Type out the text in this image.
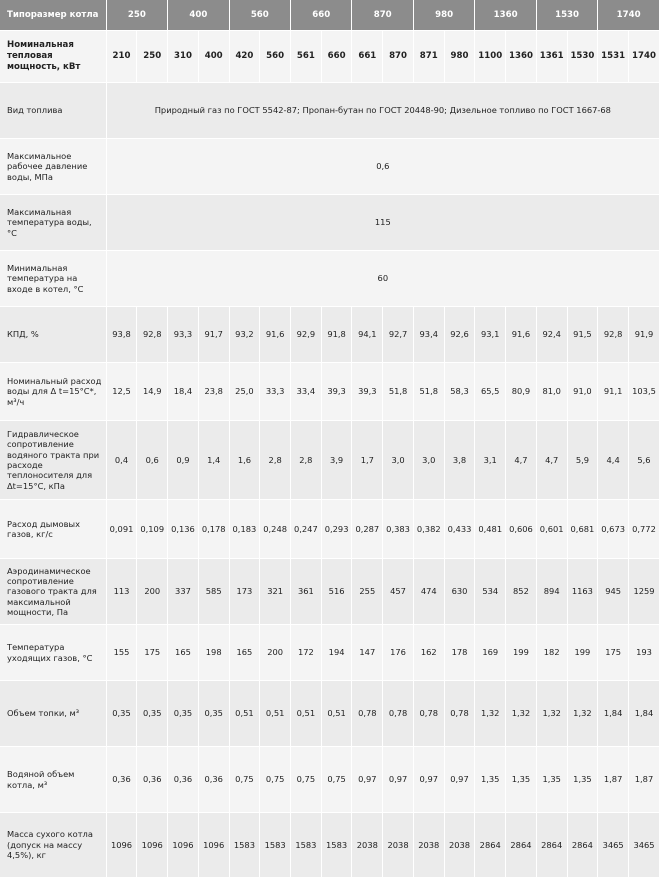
Типоразмер котла	250		400		560		660		870		980		1360		1530		1740	
Номинальная тепловая мощность, кВт	210	250	310	400	420	560	561	660	661	870	871	980	1100	1360	1361	1530	1531	1740
Вид топлива	Природный газ по ГОСТ 5542-87; Пропан-бутан по ГОСТ 20448-90; Дизельное топливо по ГОСТ 1667-68																	
Максимальное рабочее давление воды, МПа	0,6																	
Максимальная температура воды, °С	115																	
Минимальная температура на входе в котел, °С	60																	
КПД, %	93,8	92,8	93,3	91,7	93,2	91,6	92,9	91,8	94,1	92,7	93,4	92,6	93,1	91,6	92,4	91,5	92,8	91,9
Номинальный расход воды для Δ t=15°С*, м³/ч	12,5	14,9	18,4	23,8	25,0	33,3	33,4	39,3	39,3	51,8	51,8	58,3	65,5	80,9	81,0	91,0	91,1	103,5
Гидравлическое сопротивление водяного тракта при расходе теплоносителя для Δt=15°С, кПа	0,4	0,6	0,9	1,4	1,6	2,8	2,8	3,9	1,7	3,0	3,0	3,8	3,1	4,7	4,7	5,9	4,4	5,6
Расход дымовых газов, кг/с	0,091	0,109	0,136	0,178	0,183	0,248	0,247	0,293	0,287	0,383	0,382	0,433	0,481	0,606	0,601	0,681	0,673	0,772
Аэродинамическое сопротивление газового тракта для максимальной мощности, Па	113	200	337	585	173	321	361	516	255	457	474	630	534	852	894	1163	945	1259
Температура уходящих газов, °С	155	175	165	198	165	200	172	194	147	176	162	178	169	199	182	199	175	193
Объем топки, м³	0,35	0,35	0,35	0,35	0,51	0,51	0,51	0,51	0,78	0,78	0,78	0,78	1,32	1,32	1,32	1,32	1,84	1,84
Водяной объем котла, м³	0,36	0,36	0,36	0,36	0,75	0,75	0,75	0,75	0,97	0,97	0,97	0,97	1,35	1,35	1,35	1,35	1,87	1,87
Масса сухого котла (допуск на массу 4,5%), кг	1096	1096	1096	1096	1583	1583	1583	1583	2038	2038	2038	2038	2864	2864	2864	2864	3465	3465
